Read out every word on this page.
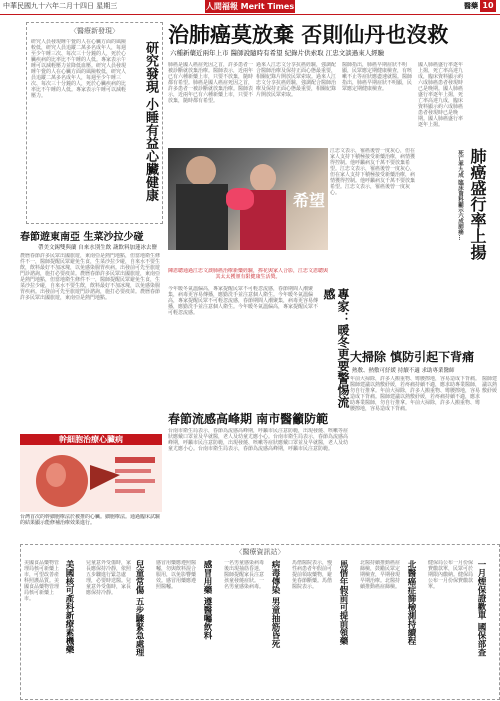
中華民國九十六年二月十四日 星期三	人間福報 Merit Times	醫藥 10
〈醫療新發現〉
研究人員發現睡午覺的人在心臟方面的風險較低，研究人員追蹤二萬多名成年人，每週至少午睡三次、每次三十分鐘的人，死於心臟疾病的比率比不午睡的人低。專家表示午睡可以減輕壓力並降低血壓。研究人員發現睡午覺的人在心臟方面的風險較低，研究人員追蹤二萬多名成年人，每週至少午睡三次、每次三十分鐘的人，死於心臟疾病的比率比不午睡的人低。專家表示午睡可以減輕壓力。	研究發現 小睡有益心臟健康
春節遊東南亞 生菜沙拉少碰
帶美文錫雙與蘭 自來水別生飲 蔬飲料加蓮冰去鹽
農曆春節許多民眾出國旅遊，東南亞是熱門地點，但當地衛生條件不一，醫師提醒民眾避免生食，生菜沙拉少碰，自來水不要生飲，飲料最好不加冰塊，以免感染腸胃疾病。出發前可先至旅遊門診諮詢，施打必要疫苗。農曆春節許多民眾出國旅遊，東南亞是熱門地點，但當地衛生條件不一，醫師提醒民眾避免生食，生菜沙拉少碰，自來水不要生飲，飲料最好不加冰塊，以免感染腸胃疾病。出發前可先至旅遊門診諮詢，施打必要疫苗。農曆春節許多民眾出國旅遊，東南亞是熱門地點。
幹細胞治療心臟病
台灣首次的幹細胞療法於被推的心臟。細胞療法。通過臨床試驗的結果顯示能修補治療效果進行。
治肺癌莫放棄 否則仙丹也沒救
六種新藥近兩年上市 醫師說隨時有希望 紀錄片供索取 江忠文談過來人經驗
肺癌是國人癌症死因之首，許多患者一被診斷就放棄治療。醫師表示，近兩年已有六種新藥上市，只要不放棄，隨時都有希望。肺癌是國人癌症死因之首，許多患者一被診斷就放棄治療。醫師表示，近兩年已有六種新藥上市，只要不放棄，隨時都有希望。
過來人江忠文分享抗癌經驗，強調配合醫師治療及保持正面心態最重要，相關紀錄片開放民眾索取。過來人江忠文分享抗癌經驗，強調配合醫師治療及保持正面心態最重要，相關紀錄片開放民眾索取。
醫師指出，肺癌早期症狀不明顯，民眾應定期健康檢查，有咳嗽不止等症狀應盡速就醫。醫師指出，肺癌早期症狀不明顯，民眾應定期健康檢查。
希望
陳恩聰通過江忠文談肺癌治療新藥經驗，捧花與家人合影，江忠文恩聰與其太太獲頒有限健康生活獎。
江忠文表示，罹癌後曾一度灰心，但在家人支持下積極接受新藥治療，病情獲得控制。他呼籲病友千萬不要放棄希望。江忠文表示，罹癌後曾一度灰心，但在家人支持下積極接受新藥治療，病情獲得控制。他呼籲病友千萬不要放棄希望。江忠文表示，罹癌後曾一度灰心。
國人肺癌盛行率逐年上揚，死亡率高達九成，臨床資料顯示約六成肺癌患者發現時已是晚期。國人肺癌盛行率逐年上揚，死亡率高達九成，臨床資料顯示約六成肺癌患者發現時已是晚期。國人肺癌盛行率逐年上揚。
肺癌盛行率上揚
死亡率九成 臨床資料顯示六成肺癌...
今年暖冬氣溫偏高，專家提醒民眾不可輕忽流感，春節期間人潮聚集，病毒更容易傳播，應勤洗手並注意個人衛生。今年暖冬氣溫偏高，專家提醒民眾不可輕忽流感，春節期間人潮聚集，病毒更容易傳播，應勤洗手並注意個人衛生。今年暖冬氣溫偏高，專家提醒民眾不可輕忽流感。	專家：暖冬更要警惕流感
春節流感高峰期 南市醫籲防範
台南市衛生局表示，春節為流感高峰期，呼籲市民注意防範，出現發燒、咳嗽等症狀應戴口罩並及早就醫，老人及幼童尤應小心。台南市衛生局表示，春節為流感高峰期，呼籲市民注意防範，出現發燒、咳嗽等症狀應戴口罩並及早就醫，老人及幼童尤應小心。台南市衛生局表示，春節為流感高峰期，呼籲市民注意防範。
大掃除 慎防引起下背痛
熱敷、熱敷可紓緩 持續不適 求助專業醫師
年前大掃除，許多人搬重物、彎腰擦地，容易造成下背痛。醫師建議以熱敷紓緩，若疼痛持續不適，應求助專業醫師，勿自行推拿。年前大掃除，許多人搬重物、彎腰擦地，容易造成下背痛。醫師建議以熱敷紓緩，若疼痛持續不適，應求助專業醫師，勿自行推拿。年前大掃除，許多人搬重物、彎腰擦地，容易造成下背痛。
醫師建議以熱敷紓緩
〈醫療資訊站〉
美國食品藥物管理局核可新藥上市，可望改善產科照護品質。美國食品藥物管理局核可新藥上市。	美國核可產科新療素機藥 兒童意外受傷時，家長應保持冷靜，依照五步驟進行緊急處理，必要時送醫。兒童意外受傷時，家長應保持冷靜。	兒童常傷 五步驟緊急處理 感冒用藥應遵照醫囑，勿與飲料混合服用，以免影響藥效。感冒用藥應遵照醫囑。	感冒用藥 遵醫囑飲料 一名男童感染病毒後出現抽筋昏迷，醫師提醒家長注意孩童發燒症狀。一名男童感染病毒。 病毒傳染 男童抽筋昏死 馬偕醫院表示，慢性病患者年假前可提前領取藥物，避免春節斷藥。馬偕醫院表示。	馬偕年假前可提前領藥 北醫持續推動癌症篩檢，鼓勵民眾定期檢查，早期發現早期治療。北醫持續推動癌症篩檢。 北醫癌症篩檢測持續程 健保局公布一月份保費繳款單，民眾可於期限內繳納。健保局公布一月份保費繳款單。	一月煙保證歡單 國保部查
